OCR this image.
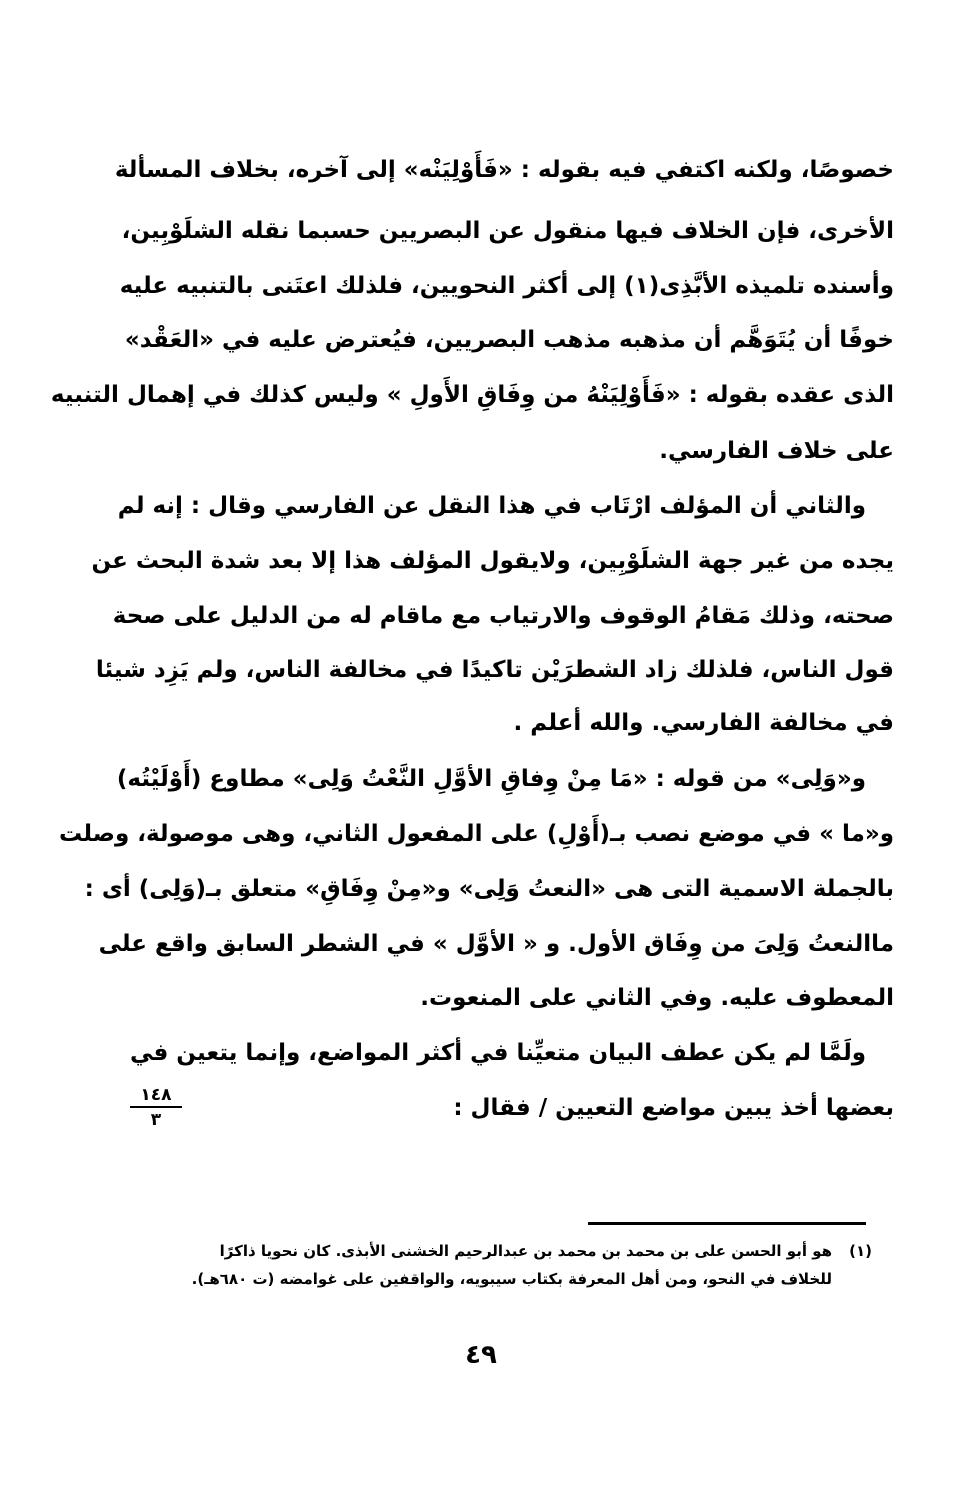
خصوصًا، ولكنه اكتفي فيه بقوله : «فَأَوْلِيَنْه» إلى آخره، بخلاف المسألة
الأخرى، فإن الخلاف فيها منقول عن البصريين حسبما نقله الشلَوْبِين،
وأسنده تلميذه الأبَّذِى(١) إلى أكثر النحويين، فلذلك اعتَنى بالتنبيه عليه
خوفًا أن يُتَوَهَّم أن مذهبه مذهب البصريين، فيُعترض عليه في «العَقْد»
الذى عقده بقوله : «فَأَوْلِيَنْهُ من وِفَاقِ الأَولِ » وليس كذلك في إهمال التنبيه
على خلاف الفارسي.
والثاني أن المؤلف ارْتَاب في هذا النقل عن الفارسي وقال : إنه لم
يجده من غير جهة الشلَوْبِين، ولايقول المؤلف هذا إلا بعد شدة البحث عن
صحته، وذلك مَقامُ الوقوف والارتياب مع ماقام له من الدليل على صحة
قول الناس، فلذلك زاد الشطرَيْن تاكيدًا في مخالفة الناس، ولم يَزِد شيئا
في مخالفة الفارسي. والله أعلم .
و«وَلِى» من قوله : «مَا مِنْ وِفاقِ الأوَّلِ النَّعْتُ وَلِى» مطاوع (أَوْلَيْتُه)
و«ما » في موضع نصب بـ(أَوْلِ) على المفعول الثاني، وهى موصولة، وصلت
بالجملة الاسمية التى هى «النعتُ وَلِى» و«مِنْ وِفَاقِ» متعلق بـ(وَلِى) أى :
ماالنعتُ وَلِىَ من وِفَاق الأول. و « الأوَّل » في الشطر السابق واقع على
المعطوف عليه. وفي الثاني على المنعوت.
ولَمَّا لم يكن عطف البيان متعيِّنا في أكثر المواضع، وإنما يتعين في
بعضها أخذ يبين مواضع التعيين / فقال :
١٤٨
٣
(١)هو أبو الحسن على بن محمد بن محمد بن عبدالرحيم الخشنى الأبذى. كان نحويا ذاكرًا
للخلاف في النحو، ومن أهل المعرفة بكتاب سيبويه، والواقفين على غوامضه (ت ٦٨٠هـ).
٤٩
